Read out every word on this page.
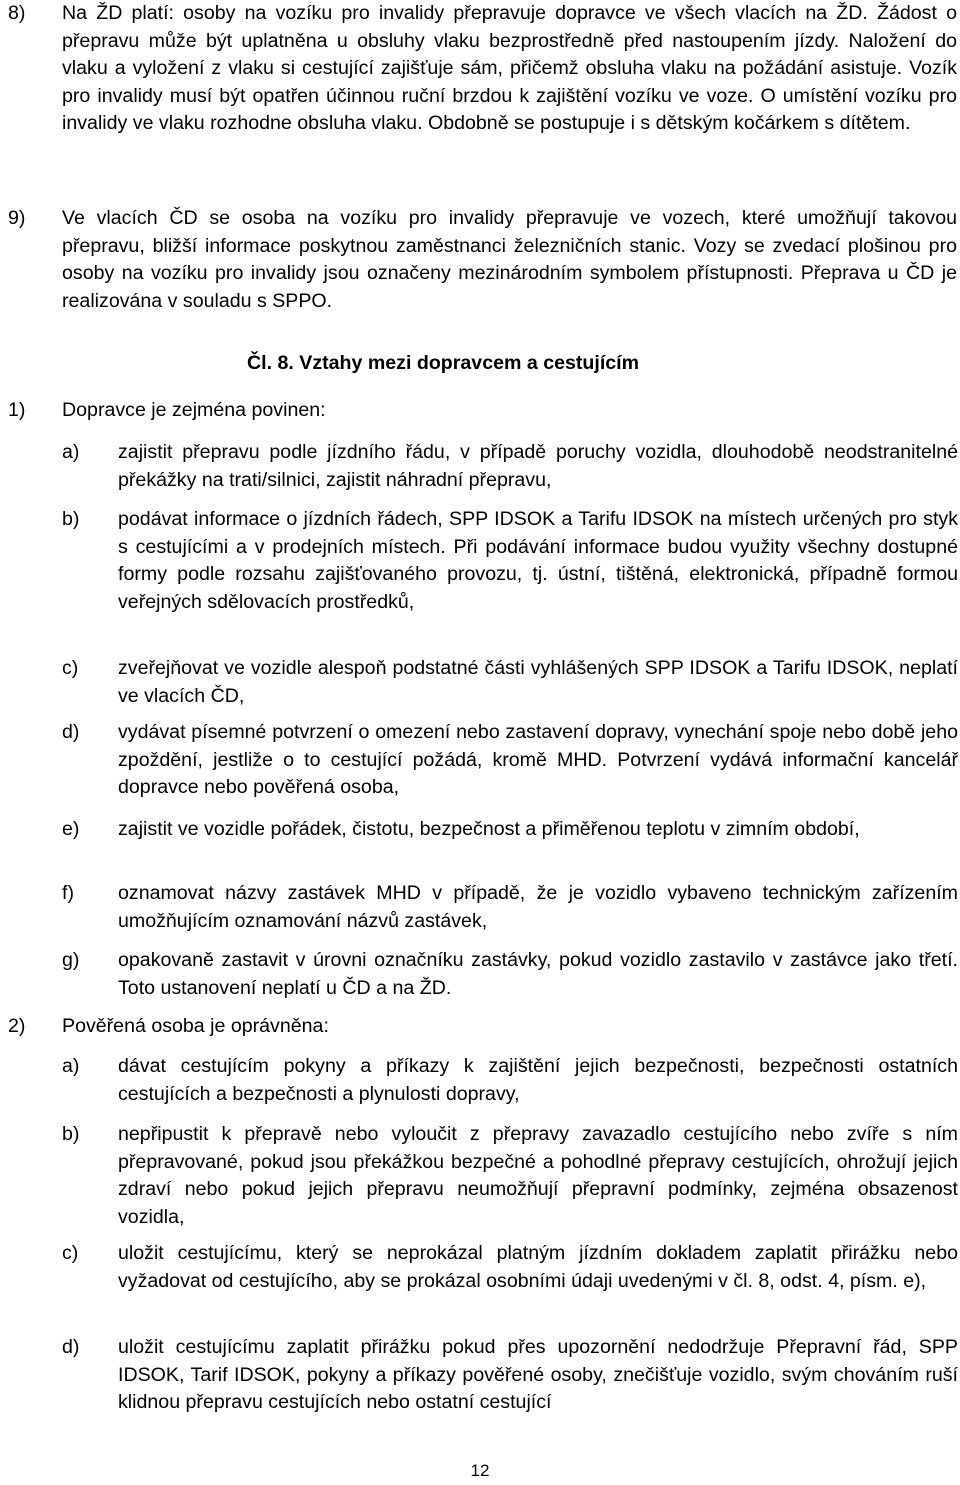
8) Na ŽD platí: osoby na vozíku pro invalidy přepravuje dopravce ve všech vlacích na ŽD. Žádost o přepravu může být uplatněna u obsluhy vlaku bezprostředně před nastoupením jízdy. Naložení do vlaku a vyložení z vlaku si cestující zajišťuje sám, přičemž obsluha vlaku na požádání asistuje. Vozík pro invalidy musí být opatřen účinnou ruční brzdou k zajištění vozíku ve voze. O umístění vozíku pro invalidy ve vlaku rozhodne obsluha vlaku. Obdobně se postupuje i s dětským kočárkem s dítětem.
9) Ve vlacích ČD se osoba na vozíku pro invalidy přepravuje ve vozech, které umožňují takovou přepravu, bližší informace poskytnou zaměstnanci železničních stanic. Vozy se zvedací plošinou pro osoby na vozíku pro invalidy jsou označeny mezinárodním symbolem přístupnosti. Přeprava u ČD je realizována v souladu s SPPO.
Čl. 8. Vztahy mezi dopravcem a cestujícím
1) Dopravce je zejména povinen:
a) zajistit přepravu podle jízdního řádu, v případě poruchy vozidla, dlouhodobě neodstranitelné překážky na trati/silnici, zajistit náhradní přepravu,
b) podávat informace o jízdních řádech, SPP IDSOK a Tarifu IDSOK na místech určených pro styk s cestujícími a v prodejních místech. Při podávání informace budou využity všechny dostupné formy podle rozsahu zajišťovaného provozu, tj. ústní, tištěná, elektronická, případně formou veřejných sdělovacích prostředků,
c) zveřejňovat ve vozidle alespoň podstatné části vyhlášených SPP IDSOK a Tarifu IDSOK, neplatí ve vlacích ČD,
d) vydávat písemné potvrzení o omezení nebo zastavení dopravy, vynechání spoje nebo době jeho zpoždění, jestliže o to cestující požádá, kromě MHD. Potvrzení vydává informační kancelář dopravce nebo pověřená osoba,
e) zajistit ve vozidle pořádek, čistotu, bezpečnost a přiměřenou teplotu v zimním období,
f) oznamovat názvy zastávek MHD v případě, že je vozidlo vybaveno technickým zařízením umožňujícím oznamování názvů zastávek,
g) opakovaně zastavit v úrovni označníku zastávky, pokud vozidlo zastavilo v zastávce jako třetí. Toto ustanovení neplatí u ČD a na ŽD.
2) Pověřená osoba je oprávněna:
a) dávat cestujícím pokyny a příkazy k zajištění jejich bezpečnosti, bezpečnosti ostatních cestujících a bezpečnosti a plynulosti dopravy,
b) nepřipustit k přepravě nebo vyloučit z přepravy zavazadlo cestujícího nebo zvíře s ním přepravované, pokud jsou překážkou bezpečné a pohodlné přepravy cestujících, ohrožují jejich zdraví nebo pokud jejich přepravu neumožňují přepravní podmínky, zejména obsazenost vozidla,
c) uložit cestujícímu, který se neprokázal platným jízdním dokladem zaplatit přirážku nebo vyžadovat od cestujícího, aby se prokázal osobními údaji uvedenými v čl. 8, odst. 4, písm. e),
d) uložit cestujícímu zaplatit přirážku pokud přes upozornění nedodržuje Přepravní řád, SPP IDSOK, Tarif IDSOK, pokyny a příkazy pověřené osoby, znečišťuje vozidlo, svým chováním ruší klidnou přepravu cestujících nebo ostatní cestující
12
